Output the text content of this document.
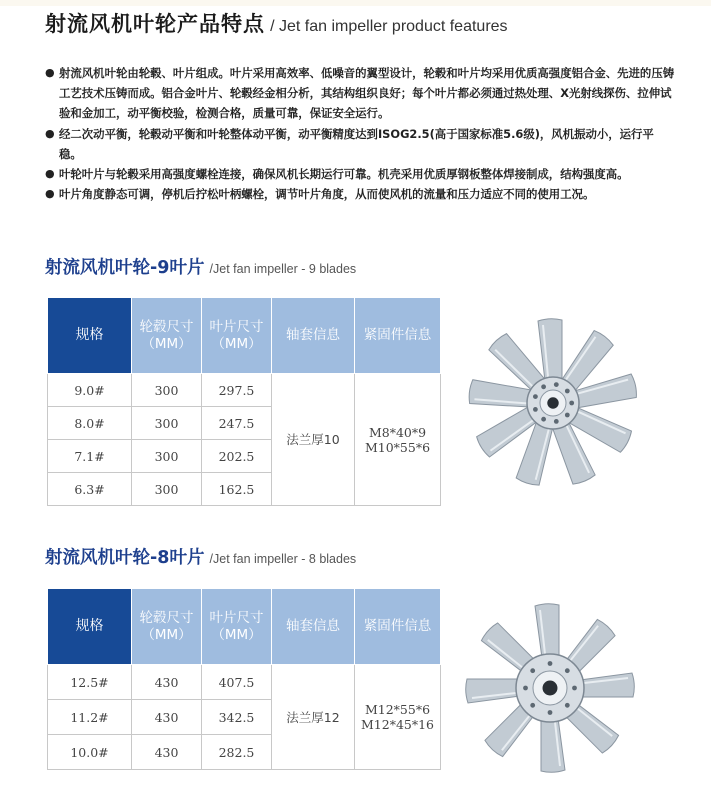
射流风机叶轮产品特点 / Jet fan impeller product features
● 射流风机叶轮由轮毂、叶片组成。叶片采用高效率、低噪音的翼型设计，轮毂和叶片均采用优质高强度铝合金、先进的压铸工艺技术压铸而成。铝合金叶片、轮毂经金相分析，其结构组织良好；每个叶片都必须通过热处理、X光射线探伤、拉伸试验和金加工，动平衡校验，检测合格，质量可靠，保证安全运行。
● 经二次动平衡，轮毂动平衡和叶轮整体动平衡，动平衡精度达到ISOG2.5(高于国家标准5.6级)，风机振动小，运行平稳。
● 叶轮叶片与轮毂采用高强度螺栓连接，确保风机长期运行可靠。机壳采用优质厚钢板整体焊接制成，结构强度高。
● 叶片角度静态可调，停机后拧松叶柄螺栓，调节叶片角度，从而使风机的流量和压力适应不同的使用工况。
射流风机叶轮-9叶片 /Jet fan impeller - 9 blades
规格	轮毂尺寸（MM）	叶片尺寸（MM）	轴套信息	紧固件信息
9.0#	300	297.5	法兰厚10	M8*40*9
M10*55*6

8.0#	300	247.5		
7.1#	300	202.5		
6.3#	300	162.5		
射流风机叶轮-8叶片 /Jet fan impeller - 8 blades
规格	轮毂尺寸（MM）	叶片尺寸（MM）	轴套信息	紧固件信息
12.5#	430	407.5	法兰厚12	M12*55*6
M12*45*16

11.2#	430	342.5		
10.0#	430	282.5		
